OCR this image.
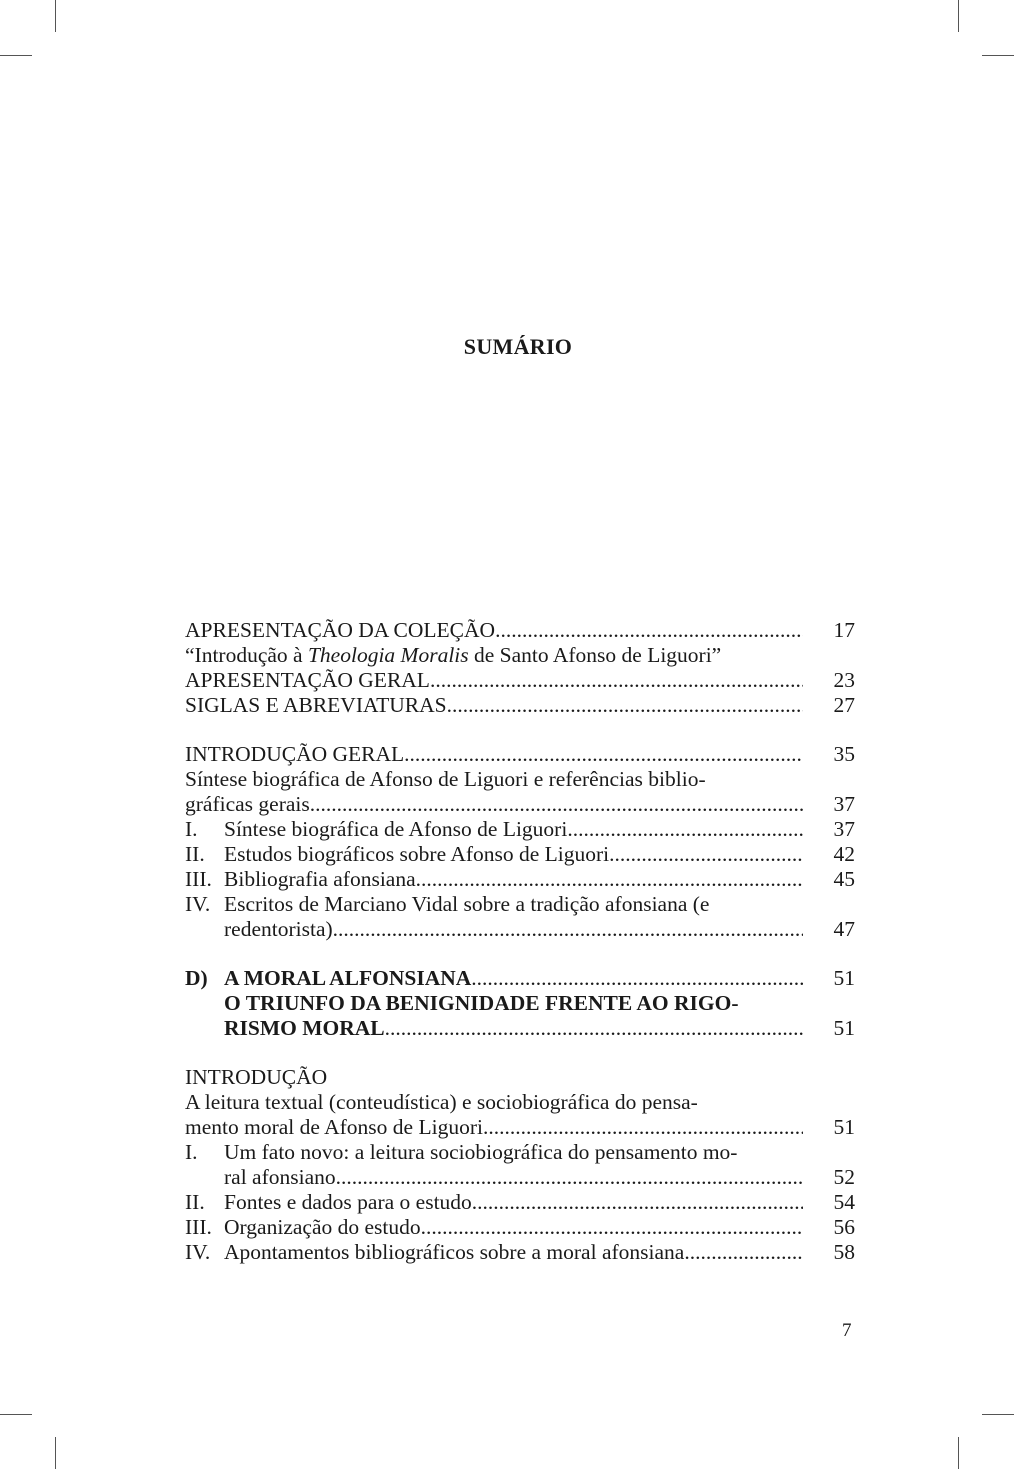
SUMÁRIO
APRESENTAÇÃO DA COLEÇÃO .....	17
“Introdução à Theologia Moralis de Santo Afonso de Liguori”
APRESENTAÇÃO GERAL .....	23
SIGLAS E ABREVIATURAS. .....	27
INTRODUÇÃO GERAL .....	35
Síntese biográfica de Afonso de Liguori e referências biblio-
gráficas gerais .....	37
I.	Síntese biográfica de Afonso de Liguori. .....	37
II. Estudos biográficos sobre Afonso de Liguori. .....	42
III. Bibliografia afonsiana. .....	45
IV. Escritos de Marciano Vidal sobre a tradição afonsiana (e
redentorista) .....	47
D) A MORAL ALFONSIANA .....	51
O TRIUNFO DA BENIGNIDADE FRENTE AO RIGO-
RISMO MORAL .....	51
INTRODUÇÃO
A leitura textual (conteudística) e sociobiográfica do pensa-
mento moral de Afonso de Liguori. .....	51
I.	Um fato novo: a leitura sociobiográfica do pensamento mo-
ral afonsiano .....	52
II. Fontes e dados para o estudo. .....	54
III. Organização do estudo. .....	56
IV. Apontamentos bibliográficos sobre a moral afonsiana. .....	58
7
